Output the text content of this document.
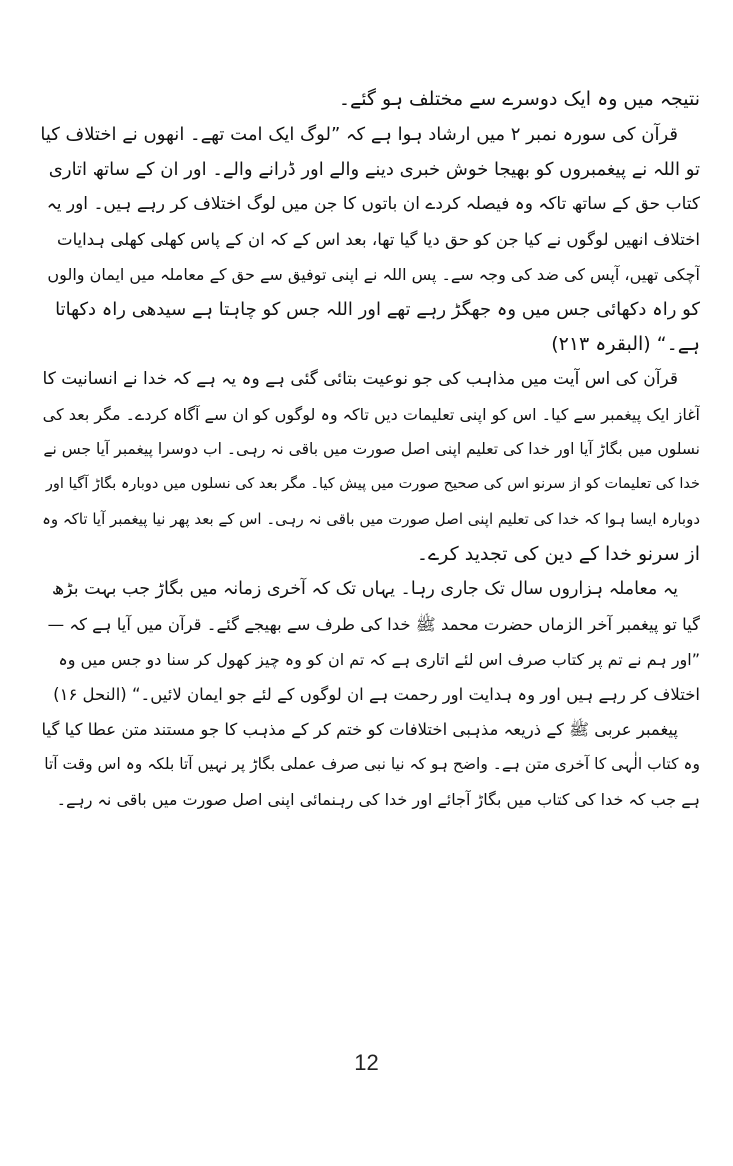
نتیجہ میں وہ ایک دوسرے سے مختلف ہو گئے۔
قرآن کی سورہ نمبر ۲ میں ارشاد ہوا ہے کہ ”لوگ ایک امت تھے۔ انھوں نے اختلاف کیا
تو اللہ نے پیغمبروں کو بھیجا خوش خبری دینے والے اور ڈرانے والے۔ اور ان کے ساتھ اتاری
کتاب حق کے ساتھ تاکہ وہ فیصلہ کردے ان باتوں کا جن میں لوگ اختلاف کر رہے ہیں۔ اور یہ
اختلاف انھیں لوگوں نے کیا جن کو حق دیا گیا تھا، بعد اس کے کہ ان کے پاس کھلی کھلی ہدایات
آچکی تھیں، آپس کی ضد کی وجہ سے۔ پس اللہ نے اپنی توفیق سے حق کے معاملہ میں ایمان والوں
کو راہ دکھائی جس میں وہ جھگڑ رہے تھے اور اللہ جس کو چاہتا ہے سیدھی راہ دکھاتا
ہے۔“ (البقرہ ۲۱۳)
قرآن کی اس آیت میں مذاہب کی جو نوعیت بتائی گئی ہے وہ یہ ہے کہ خدا نے انسانیت کا
آغاز ایک پیغمبر سے کیا۔ اس کو اپنی تعلیمات دیں تاکہ وہ لوگوں کو ان سے آگاہ کردے۔ مگر بعد کی
نسلوں میں بگاڑ آیا اور خدا کی تعلیم اپنی اصل صورت میں باقی نہ رہی۔ اب دوسرا پیغمبر آیا جس نے
خدا کی تعلیمات کو از سرنو اس کی صحیح صورت میں پیش کیا۔ مگر بعد کی نسلوں میں دوبارہ بگاڑ آگیا اور
دوبارہ ایسا ہوا کہ خدا کی تعلیم اپنی اصل صورت میں باقی نہ رہی۔ اس کے بعد پھر نیا پیغمبر آیا تاکہ وہ
از سرنو خدا کے دین کی تجدید کرے۔
یہ معاملہ ہزاروں سال تک جاری رہا۔ یہاں تک کہ آخری زمانہ میں بگاڑ جب بہت بڑھ
گیا تو پیغمبر آخر الزماں حضرت محمد ﷺ خدا کی طرف سے بھیجے گئے۔ قرآن میں آیا ہے کہ —
”اور ہم نے تم پر کتاب صرف اس لئے اتاری ہے کہ تم ان کو وہ چیز کھول کر سنا دو جس میں وہ
اختلاف کر رہے ہیں اور وہ ہدایت اور رحمت ہے ان لوگوں کے لئے جو ایمان لائیں۔“ (النحل ۱۶)
پیغمبر عربی ﷺ کے ذریعہ مذہبی اختلافات کو ختم کر کے مذہب کا جو مستند متن عطا کیا گیا
وہ کتاب الٰہی کا آخری متن ہے۔ واضح ہو کہ نیا نبی صرف عملی بگاڑ پر نہیں آتا بلکہ وہ اس وقت آتا
ہے جب کہ خدا کی کتاب میں بگاڑ آجائے اور خدا کی رہنمائی اپنی اصل صورت میں باقی نہ رہے۔
12
